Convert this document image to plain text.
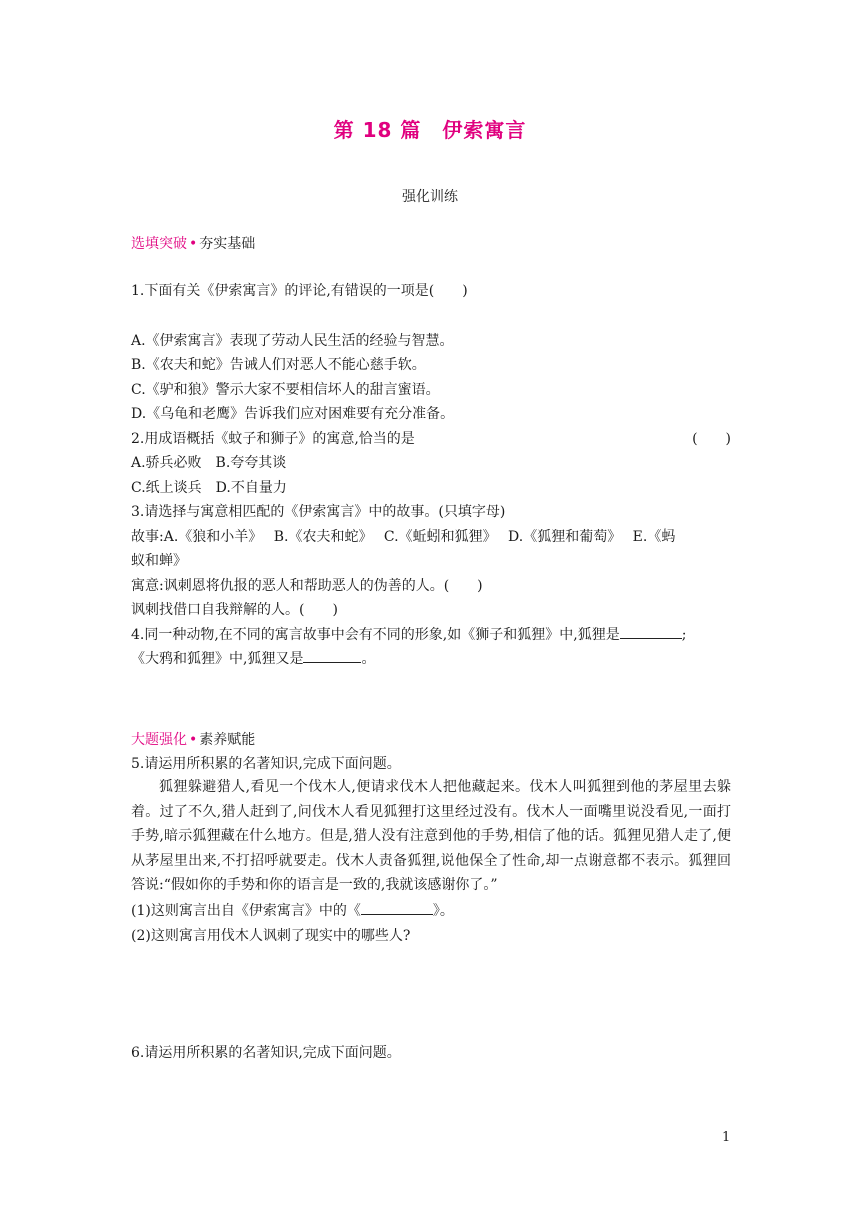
第 18 篇　伊索寓言
强化训练
选填突破 • 夯实基础
1.下面有关《伊索寓言》的评论,有错误的一项是(　　)
A.《伊索寓言》表现了劳动人民生活的经验与智慧。
B.《农夫和蛇》告诫人们对恶人不能心慈手软。
C.《驴和狼》警示大家不要相信坏人的甜言蜜语。
D.《乌龟和老鹰》告诉我们应对困难要有充分准备。
2.用成语概括《蚊子和狮子》的寓意,恰当的是	(　　)
A.骄兵必败　B.夸夸其谈
C.纸上谈兵　D.不自量力
3.请选择与寓意相匹配的《伊索寓言》中的故事。(只填字母)
故事:A.《狼和小羊》　 B.《农夫和蛇》　 C.《蚯蚓和狐狸》　 D.《狐狸和葡萄》　 E.《蚂
蚁和蝉》
寓意:讽刺恩将仇报的恶人和帮助恶人的伪善的人。(　　)
讽刺找借口自我辩解的人。(　　)
4.同一种动物,在不同的寓言故事中会有不同的形象,如《狮子和狐狸》中,狐狸是	;
《大鸦和狐狸》中,狐狸又是	。
大题强化 • 素养赋能
5.请运用所积累的名著知识,完成下面问题。
狐狸躲避猎人,看见一个伐木人,便请求伐木人把他藏起来。伐木人叫狐狸到他的茅屋里去躲着。过了不久,猎人赶到了,问伐木人看见狐狸打这里经过没有。伐木人一面嘴里说没看见,一面打手势,暗示狐狸藏在什么地方。但是,猎人没有注意到他的手势,相信了他的话。狐狸见猎人走了,便从茅屋里出来,不打招呼就要走。伐木人责备狐狸,说他保全了性命,却一点谢意都不表示。狐狸回答说:“假如你的手势和你的语言是一致的,我就该感谢你了。”
(1)这则寓言出自《伊索寓言》中的《	》。
(2)这则寓言用伐木人讽刺了现实中的哪些人?
6.请运用所积累的名著知识,完成下面问题。
1
